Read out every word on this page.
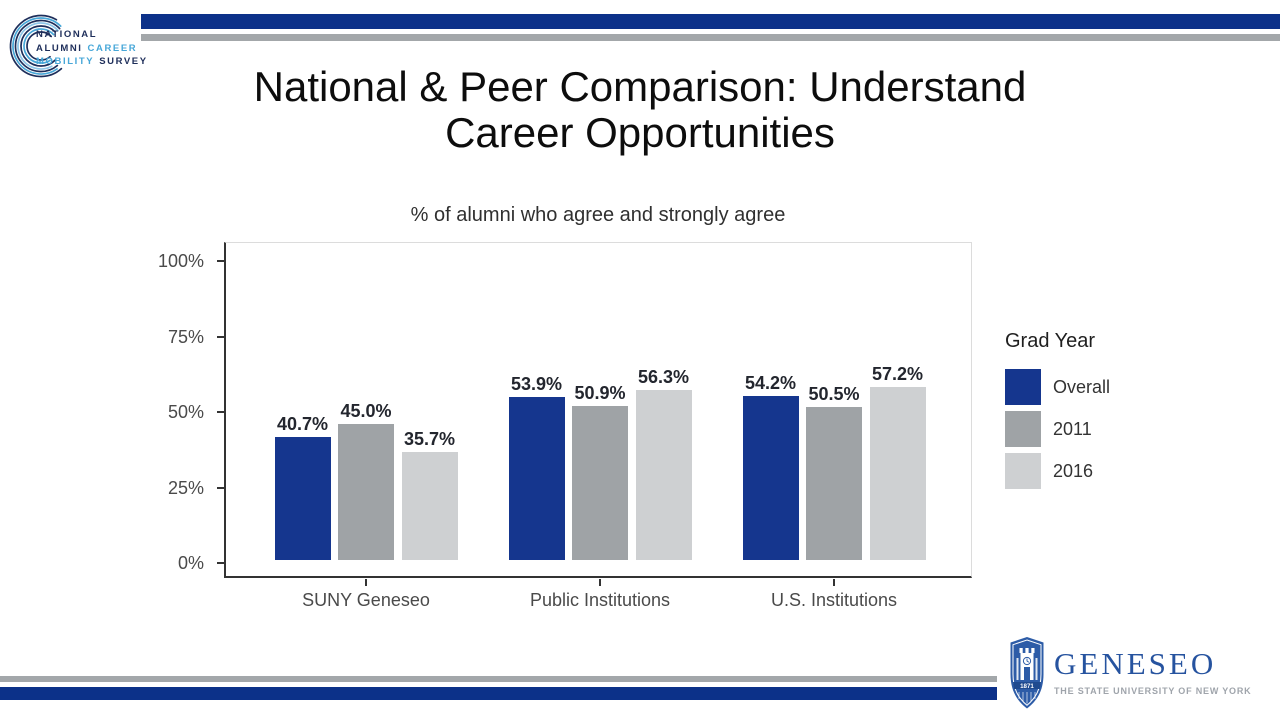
NATIONAL
ALUMNI CAREER
MOBILITY SURVEY
National & Peer Comparison: Understand
Career Opportunities
% of alumni who agree and strongly agree
0%
25%
50%
75%
100%
40.7%
45.0%
35.7%
SUNY Geneseo
53.9% 50.9%
56.3%
Public Institutions
54.2%
50.5%
57.2%
U.S. Institutions
Grad Year
Overall
2011
2016
1871
GENESEO
THE STATE UNIVERSITY OF NEW YORK
